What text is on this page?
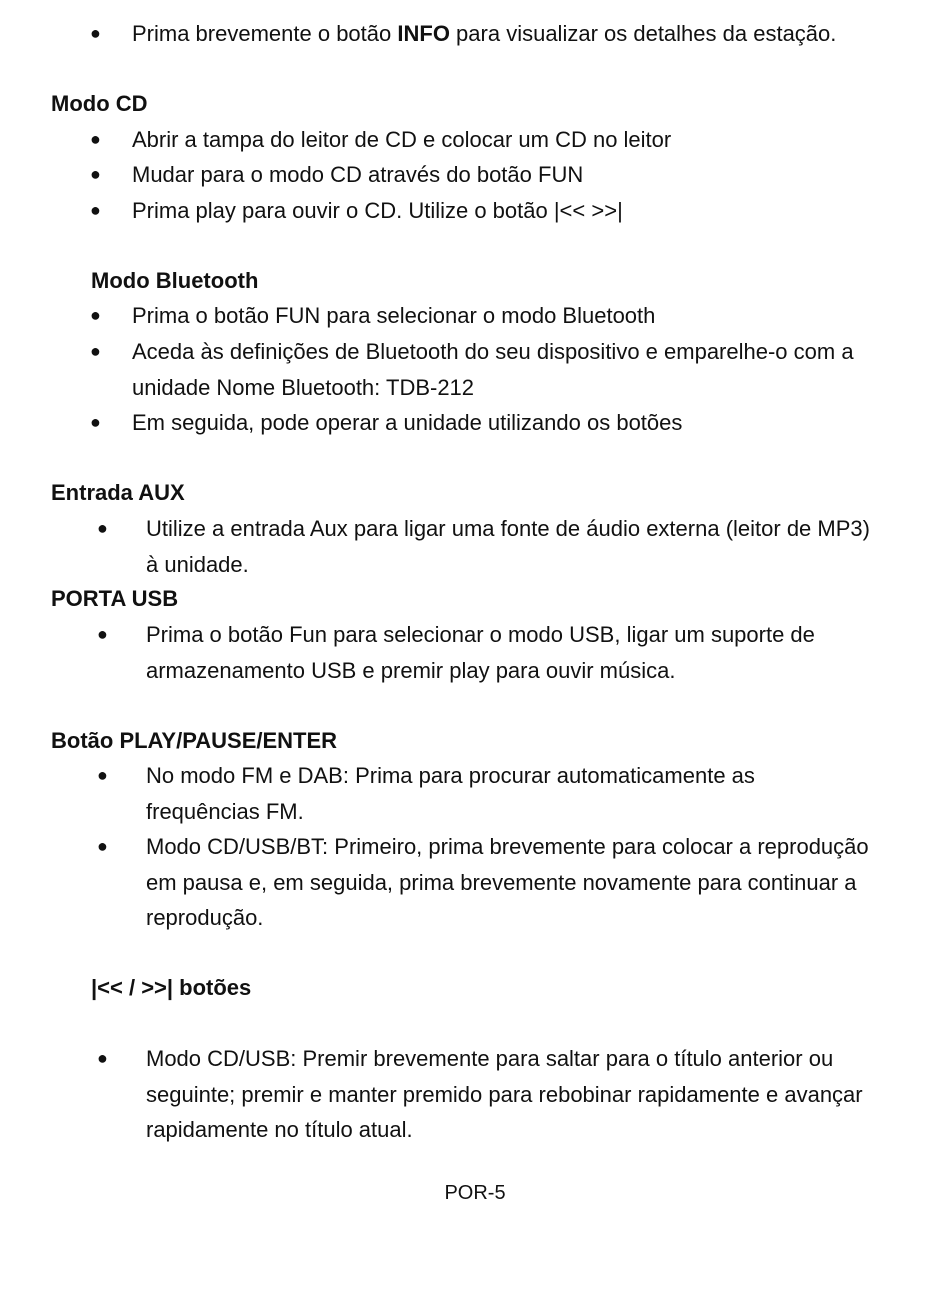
● Prima brevemente o botão INFO para visualizar os detalhes da estação.
Modo CD
● Abrir a tampa do leitor de CD e colocar um CD no leitor
● Mudar para o modo CD através do botão FUN
● Prima play para ouvir o CD. Utilize o botão |<< >>|
Modo Bluetooth
● Prima o botão FUN para selecionar o modo Bluetooth
● Aceda às definições de Bluetooth do seu dispositivo e emparelhe-o com a unidade Nome Bluetooth: TDB-212
● Em seguida, pode operar a unidade utilizando os botões
Entrada AUX
● Utilize a entrada Aux para ligar uma fonte de áudio externa (leitor de MP3) à unidade.
PORTA USB
● Prima o botão Fun para selecionar o modo USB, ligar um suporte de armazenamento USB e premir play para ouvir música.
Botão PLAY/PAUSE/ENTER
● No modo FM e DAB: Prima para procurar automaticamente as frequências FM.
● Modo CD/USB/BT: Primeiro, prima brevemente para colocar a reprodução em pausa e, em seguida, prima brevemente novamente para continuar a reprodução.
|<< / >>| botões
● Modo CD/USB: Premir brevemente para saltar para o título anterior ou seguinte; premir e manter premido para rebobinar rapidamente e avançar rapidamente no título atual.
POR-5
